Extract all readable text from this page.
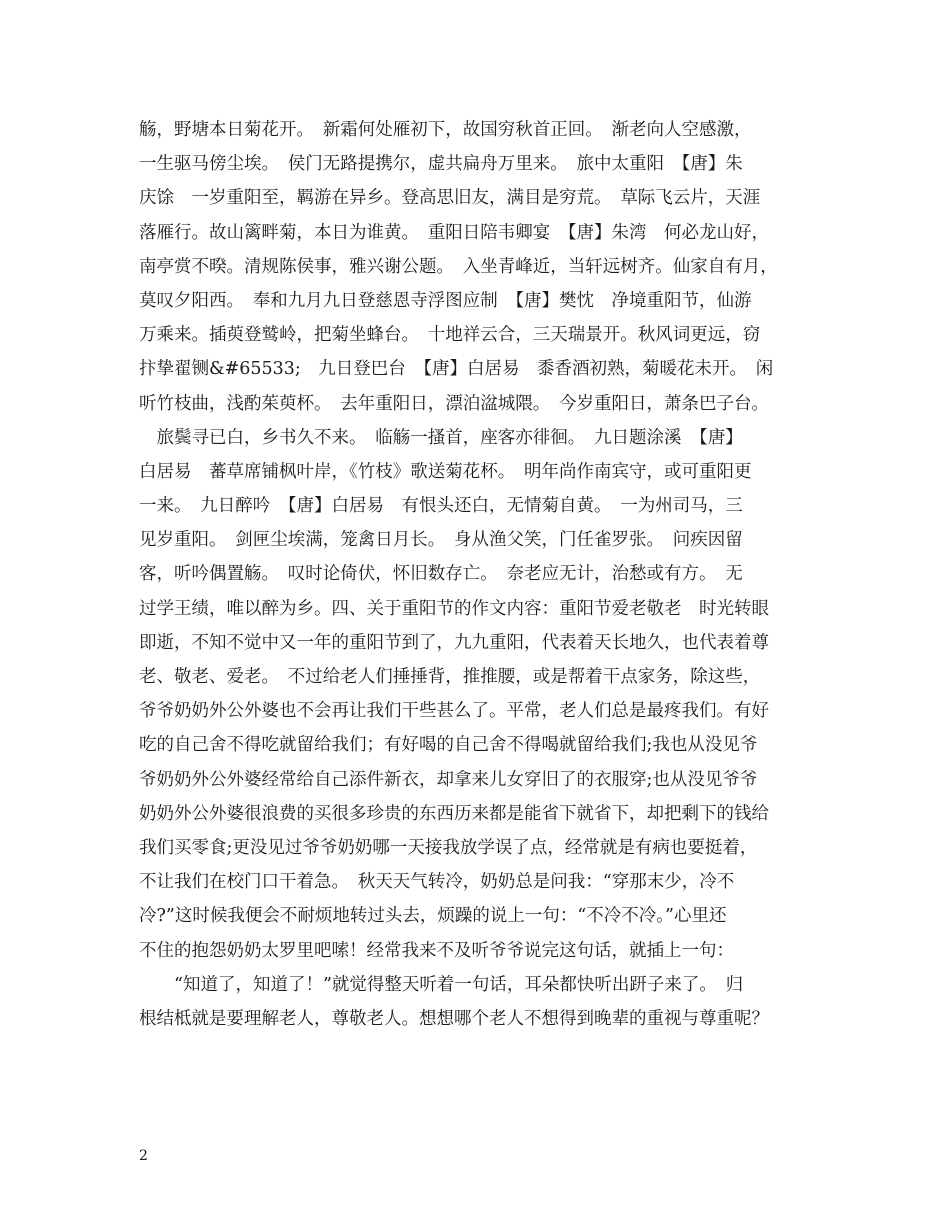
觞，野塘本日菊花开。　新霜何处雁初下，故国穷秋首正回。　渐老向人空感激，
一生驱马傍尘埃。　侯门无路提携尔，虚共扁舟万里来。　旅中太重阳　【唐】朱
庆馀　一岁重阳至，羁游在异乡。登高思旧友，满目是穷荒。　草际飞云片，天涯
落雁行。故山篱畔菊，本日为谁黄。　重阳日陪韦卿宴　【唐】朱湾　何必龙山好，
南亭赏不暌。清规陈侯事，雅兴谢公题。　入坐青峰近，当轩远树齐。仙家自有月，
莫叹夕阳西。　奉和九月九日登慈恩寺浮图应制　【唐】樊忱　净境重阳节，仙游
万乘来。插萸登鹫岭，把菊坐蜂台。　十地祥云合，三天瑞景开。秋风词更远，窃
抃挚翟铡&#65533;　九日登巴台　【唐】白居易　黍香酒初熟，菊暖花未开。　闲
听竹枝曲，浅酌茱萸杯。　去年重阳日，漂泊湓城隈。　今岁重阳日，萧条巴子台。
　旅鬓寻已白，乡书久不来。　临觞一搔首，座客亦徘徊。　九日题涂溪　【唐】
白居易　蕃草席铺枫叶岸，《竹枝》歌送菊花杯。　明年尚作南宾守，或可重阳更
一来。　九日醉吟　【唐】白居易　有恨头还白，无情菊自黄。　一为州司马，三
见岁重阳。　剑匣尘埃满，笼禽日月长。　身从渔父笑，门任雀罗张。　问疾因留
客，听吟偶置觞。　叹时论倚伏，怀旧数存亡。　奈老应无计，治愁或有方。　无
过学王绩，唯以醉为乡。四、关于重阳节的作文内容：重阳节爱老敬老　时光转眼
即逝，不知不觉中又一年的重阳节到了，九九重阳，代表着天长地久，也代表着尊
老、敬老、爱老。　不过给老人们捶捶背，推推腰，或是帮着干点家务，除这些，
爷爷奶奶外公外婆也不会再让我们干些甚么了。平常，老人们总是最疼我们。有好
吃的自己舍不得吃就留给我们；有好喝的自己舍不得喝就留给我们;我也从没见爷
爷奶奶外公外婆经常给自己添件新衣，却拿来儿女穿旧了的衣服穿;也从没见爷爷
奶奶外公外婆很浪费的买很多珍贵的东西历来都是能省下就省下，却把剩下的钱给
我们买零食;更没见过爷爷奶奶哪一天接我放学误了点，经常就是有病也要挺着，
不让我们在校门口干着急。　秋天天气转冷，奶奶总是问我：“穿那末少，冷不
冷?”这时候我便会不耐烦地转过头去，烦躁的说上一句：“不冷不冷。”心里还
不住的抱怨奶奶太罗里吧嗦！经常我来不及听爷爷说完这句话，就插上一句：
　　“知道了，知道了！”就觉得整天听着一句话，耳朵都快听出趼子来了。　归
根结柢就是要理解老人，尊敬老人。想想哪个老人不想得到晚辈的重视与尊重呢？
2
